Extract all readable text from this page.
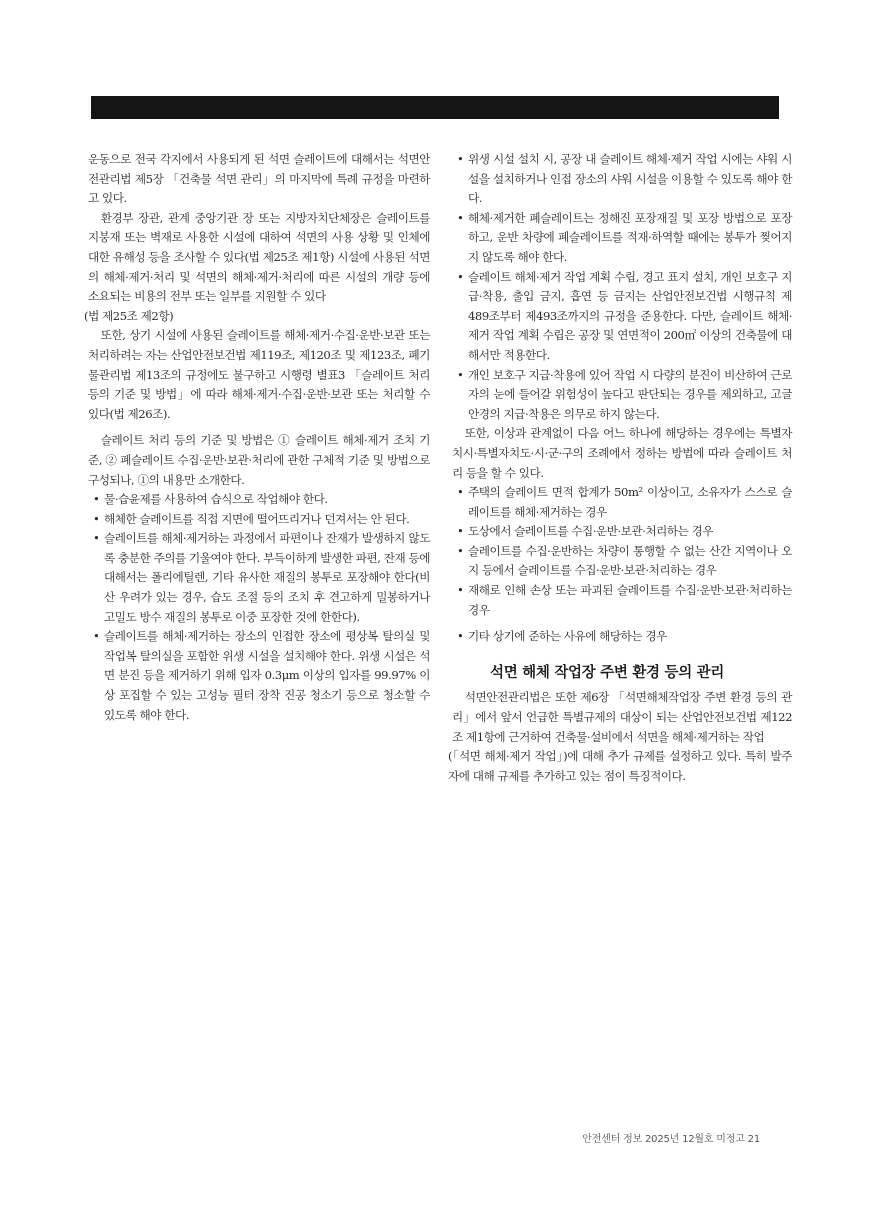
운동으로 전국 각지에서 사용되게 된 석면 슬레이트에 대해서는 석면안전관리법 제5장 「건축물 석면 관리」의 마지막에 특례 규정을 마련하고 있다.

환경부 장관, 관계 중앙기관 장 또는 지방자치단체장은 슬레이트를 지붕재 또는 벽재로 사용한 시설에 대하여 석면의 사용 상황 및 인체에 대한 유해성 등을 조사할 수 있다(법 제25조 제1항) 시설에 사용된 석면의 해체·제거·처리 및 석면의 해체·제거·처리에 따른 시설의 개량 등에 소요되는 비용의 전부 또는 일부를 지원할 수 있다

(법 제25조 제2항)

또한, 상기 시설에 사용된 슬레이트를 해체·제거·수집·운반·보관 또는 처리하려는 자는 산업안전보건법 제119조, 제120조 및 제123조, 폐기물관리법 제13조의 규정에도 불구하고 시행령 별표3 「슬레이트 처리 등의 기준 및 방법」에 따라 해체·제거·수집·운반·보관 또는 처리할 수 있다(법 제26조).

슬레이트 처리 등의 기준 및 방법은 ① 슬레이트 해체·제거 조치 기준, ② 폐슬레이트 수집·운반·보관·처리에 관한 구체적 기준 및 방법으로 구성되나, ①의 내용만 소개한다.

• 물·습윤제를 사용하여 습식으로 작업해야 한다.
• 해체한 슬레이트를 직접 지면에 떨어뜨리거나 던져서는 안 된다.
• 슬레이트를 해체·제거하는 과정에서 파편이나 잔재가 발생하지 않도록 충분한 주의를 기울여야 한다. 부득이하게 발생한 파편, 잔재 등에 대해서는 폴리에틸렌, 기타 유사한 재질의 봉투로 포장해야 한다(비산 우려가 있는 경우, 습도 조절 등의 조치 후 견고하게 밀봉하거나 고밀도 방수 재질의 봉투로 이중 포장한 것에 한한다).
• 슬레이트를 해체·제거하는 장소의 인접한 장소에 평상복 탈의실 및 작업복 탈의실을 포함한 위생 시설을 설치해야 한다. 위생 시설은 석면 분진 등을 제거하기 위해 입자 0.3μm 이상의 입자를 99.97% 이상 포집할 수 있는 고성능 필터 장착 진공 청소기 등으로 청소할 수 있도록 해야 한다.
• 위생 시설 설치 시, 공장 내 슬레이트 해체·제거 작업 시에는 샤워 시설을 설치하거나 인접 장소의 샤워 시설을 이용할 수 있도록 해야 한다.
• 해체·제거한 폐슬레이트는 정해진 포장재질 및 포장 방법으로 포장하고, 운반 차량에 폐슬레이트를 적재·하역할 때에는 봉투가 찢어지지 않도록 해야 한다.
• 슬레이트 해체·제거 작업 계획 수립, 경고 표지 설치, 개인 보호구 지급·착용, 출입 금지, 흡연 등 금지는 산업안전보건법 시행규칙 제489조부터 제493조까지의 규정을 준용한다. 다만, 슬레이트 해체·제거 작업 계획 수립은 공장 및 연면적이 200㎡ 이상의 건축물에 대해서만 적용한다.
• 개인 보호구 지급·착용에 있어 작업 시 다량의 분진이 비산하여 근로자의 눈에 들어갈 위험성이 높다고 판단되는 경우를 제외하고, 고글 안경의 지급·착용은 의무로 하지 않는다.

또한, 이상과 관계없이 다음 어느 하나에 해당하는 경우에는 특별자치시·특별자치도·시·군·구의 조례에서 정하는 방법에 따라 슬레이트 처리 등을 할 수 있다.

• 주택의 슬레이트 면적 합계가 50m² 이상이고, 소유자가 스스로 슬레이트를 해체·제거하는 경우
• 도상에서 슬레이트를 수집·운반·보관·처리하는 경우
• 슬레이트를 수집·운반하는 차량이 통행할 수 없는 산간 지역이나 오지 등에서 슬레이트를 수집·운반·보관·처리하는 경우
• 재해로 인해 손상 또는 파괴된 슬레이트를 수집·운반·보관·처리하는 경우
• 기타 상기에 준하는 사유에 해당하는 경우
석면 해체 작업장 주변 환경 등의 관리

석면안전관리법은 또한 제6장 「석면해체작업장 주변 환경 등의 관리」에서 앞서 언급한 특별규제의 대상이 되는 산업안전보건법 제122조 제1항에 근거하여 건축물·설비에서 석면을 해체·제거하는 작업

(「석면 해체·제거 작업」)에 대해 추가 규제를 설정하고 있다. 특히 발주자에 대해 규제를 추가하고 있는 점이 특징적이다.

안전센터 정보 2025년 12월호 미정고 21
